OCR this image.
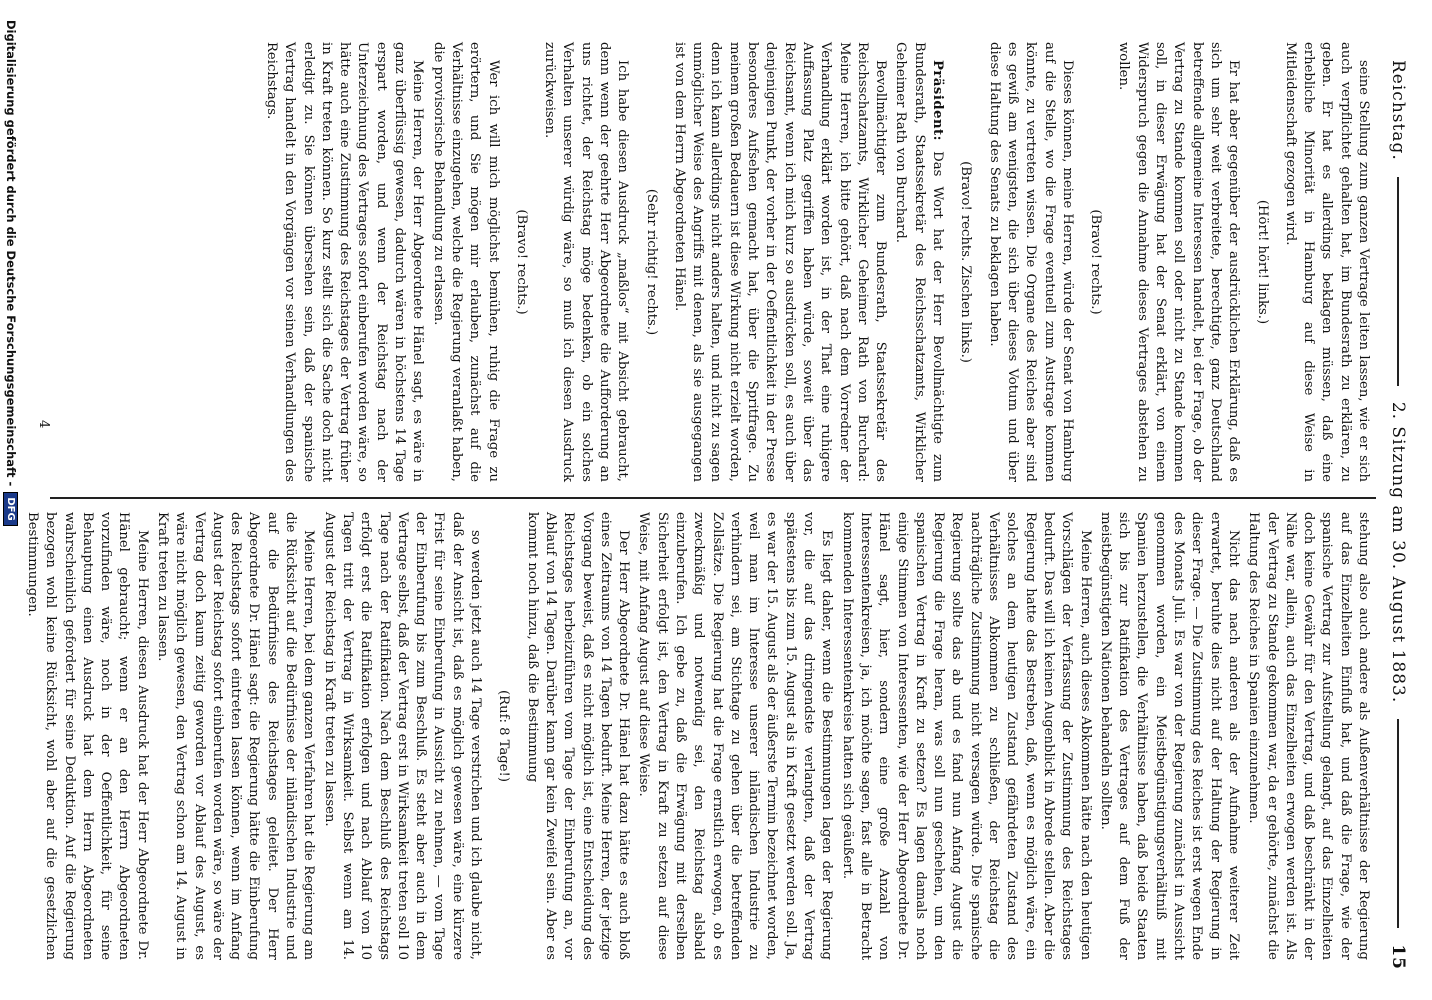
Reichstag.
2. Sitzung am 30. August 1883.
15

seine Stellung zum ganzen Vertrage leiten lassen, wie er sich auch verpflichtet gehalten hat, im Bundesrath zu erklären, zu geben. Er hat es allerdings beklagen müssen, daß eine erhebliche Minorität in Hamburg auf diese Weise in Mitleidenschaft gezogen wird.

(Hört! hört! links.)

Er hat aber gegenüber der ausdrücklichen Erklärung, daß es sich um sehr weit verbreitete, berechtigte, ganz Deutschland betreffende allgemeine Interessen handelt, bei der Frage, ob der Vertrag zu Stande kommen soll oder nicht zu Stande kommen soll, in dieser Erwägung hat der Senat erklärt, von einem Widerspruch gegen die Annahme dieses Vertrages abstehen zu wollen.

(Bravo! rechts.)

Dieses können, meine Herren, würde der Senat von Hamburg auf die Stelle, wo die Frage eventuell zum Austrage kommen könnte, zu vertreten wissen. Die Organe des Reiches aber sind es gewiß am wenigsten, die sich über dieses Votum und über diese Haltung des Senats zu beklagen haben.

(Bravo! rechts. Zischen links.)

Präsident: Das Wort hat der Herr Bevollmächtigte zum Bundesrath, Staatssekretär des Reichsschatzamts, Wirklicher Geheimer Rath von Burchard.

Bevollmächtigter zum Bundesrath, Staatssekretär des Reichsschatzamts, Wirklicher Geheimer Rath von Burchard: Meine Herren, ich bitte gehört, daß nach dem Vorredner der Verhandlung erklärt worden ist, in der That eine ruhigere Auffassung Platz gegriffen haben würde, soweit über das Reichsamt, wenn ich mich kurz so ausdrücken soll, es auch über denjenigen Punkt, der vorher in der Oeffentlichkeit in der Presse besonderes Aufsehen gemacht hat, über die Spritfrage. Zu meinem großen Bedauern ist diese Wirkung nicht erzielt worden, denn ich kann allerdings nicht anders halten, und nicht zu sagen unmöglicher Weise des Angriffs mit denen, als sie ausgegangen ist von dem Herrn Abgeordneten Hänel.

(Sehr richtig! rechts.)

Ich habe diesen Ausdruck „maßlos“ mit Absicht gebraucht, denn wenn der geehrte Herr Abgeordnete die Aufforderung an uns richtet, der Reichstag möge bedenken, ob ein solches Verhalten unserer würdig wäre, so muß ich diesen Ausdruck zurückweisen.

(Bravo! rechts.)

Wer ich will mich möglichst bemühen, ruhig die Frage zu erörtern, und Sie mögen mir erlauben, zunächst auf die Verhältnisse einzugehen, welche die Regierung veranlaßt haben, die provisorische Behandlung zu erlassen.

Meine Herren, der Herr Abgeordnete Hänel sagt, es wäre in ganz überflüssig gewesen, dadurch wären in höchstens 14 Tage erspart worden, und wenn der Reichstag nach der Unterzeichnung des Vertrages sofort einberufen worden wäre, so hätte auch eine Zustimmung des Reichstages der Vertrag früher in Kraft treten können. So kurz stellt sich die Sache doch nicht erledigt zu. Sie können übersehen sein, daß der spanische Vertrag handelt in den Vorgängen vor seinen Verhandlungen des Reichstags.

stehung also auch andere als Außenverhältnisse der Regierung auf das Einzelheiten Einfluß hat, und daß die Frage, wie der spanische Vertrag zur Aufstellung gelangt, auf das Einzelheiten doch keine Gewähr für den Vertrag, und daß beschränkt in der Nähe war, allein, auch das Einzelheiten erwogen werden ist. Als der Vertrag zu Stande gekommen war, da er gehörte, zunächst die Haltung des Reiches in Spanien einzunehmen.

Nicht das nach anderen als der Aufnahme weiterer Zeit erwartet, beruhte dies nicht auf der Haltung der Regierung in dieser Frage. — Die Zustimmung des Reiches ist erst wegen Ende des Monats Juli. Es war von der Regierung zunächst in Aussicht genommen worden, ein Meistbegünstigungsverhältniß mit Spanien herzustellen, die Verhältnisse haben, daß beide Staaten sich bis zur Ratifikation des Vertrages auf dem Fuß der meistbegünstigten Nationen behandeln sollten.

Meine Herren, auch dieses Abkommen hätte nach den heutigen Vorschlägen der Verfassung der Zustimmung des Reichstages bedurft. Das will ich keinen Augenblick in Abrede stellen. Aber die Regierung hatte das Bestreben, daß, wenn es möglich wäre, ein solches an dem heutigen Zustand gefährdeten Zustand des Verhältnisses Abkommen zu schließen, der Reichstag die nachträgliche Zustimmung nicht versagen würde. Die spanische Regierung sollte das ab und es fand nun Anfang August die Regierung die Frage heran, was soll nun geschehen, um den spanischen Vertrag in Kraft zu setzen? Es lagen damals noch einige Stimmen von Interessenten, wie der Herr Abgeordnete Dr. Hänel sagt, hier, sondern eine große Anzahl von Interessentenkreisen, ja, ich möchte sagen, fast alle in Betracht kommenden Interessentenkreise hatten sich geäußert.

Es liegt daher, wenn die Bestimmungen lagen der Regierung vor, die auf das dringendste verlangten, daß der Vertrag spätestens bis zum 15. August als in Kraft gesetzt werden soll. Ja, es war der 15. August als der äußerste Termin bezeichnet worden, weil man im Interesse unserer inländischen Industrie zu verhindern sei, am Stichtage zu gehen über die betreffenden Zollsätze. Die Regierung hat die Frage ernstlich erwogen, ob es zweckmäßig und notwendig sei, den Reichstag alsbald einzuberufen. Ich gebe zu, daß die Erwägung mit derselben Sicherheit erfolgt ist, den Vertrag in Kraft zu setzen auf diese Weise, mit Anfang August auf diese Weise.

Der Herr Abgeordnete Dr. Hänel hat dazu hätte es auch bloß eines Zeitraums von 14 Tagen bedurft. Meine Herren, der jetzige Vorgang beweist, daß es nicht möglich ist, eine Entscheidung des Reichstages herbeizuführen vom Tage der Einberufung an, vor Ablauf von 14 Tagen. Darüber kann gar kein Zweifel sein. Aber es kommt noch hinzu, daß die Bestimmung

(Ruf: 8 Tage!)

so werden jetzt auch 14 Tage verstrichen und ich glaube nicht, daß der Ansicht ist, daß es möglich gewesen wäre, eine kürzere Frist für seine Einberufung in Aussicht zu nehmen, — vom Tage der Einberufung bis zum Beschluß. Es steht aber auch in dem Vertrage selbst, daß der Vertrag erst in Wirksamkeit treten soll 10 Tage nach der Ratifikation. Nach dem Beschluß des Reichstags erfolgt erst die Ratifikation erfolgen und nach Ablauf von 10 Tagen tritt der Vertrag in Wirksamkeit. Selbst wenn am 14. August der Reichstag in Kraft treten zu lassen.

Meine Herren, bei dem ganzen Verfahren hat die Regierung am die Rücksicht auf die Bedürfnisse der inländischen Industrie und auf die Bedürfnisse des Reichstages geleitet. Der Herr Abgeordnete Dr. Hänel sagt: die Regierung hätte die Einberufung des Reichstags sofort eintreten lassen können, wenn im Anfang August der Reichstag sofort einberufen worden wäre, so wäre der Vertrag doch kaum zeitig geworden vor Ablauf des August, es wäre nicht möglich gewesen, den Vertrag schon am 14. August in Kraft treten zu lassen.

Meine Herren, diesen Ausdruck hat der Herr Abgeordnete Dr. Hänel gebraucht; wenn er an den Herrn Abgeordneten vorzufinden wäre, noch in der Oeffentlichkeit, für seine Behauptung einen Ausdruck hat dem Herrn Abgeordneten wahrscheinlich gefordert für seine Deduktion. Auf die Regierung bezogen wohl keine Rücksicht, wohl aber auf die gesetzlichen Bestimmungen.

4
Digitalisierung gefördert durch die Deutsche Forschungsgemeinschaft -
DFG
